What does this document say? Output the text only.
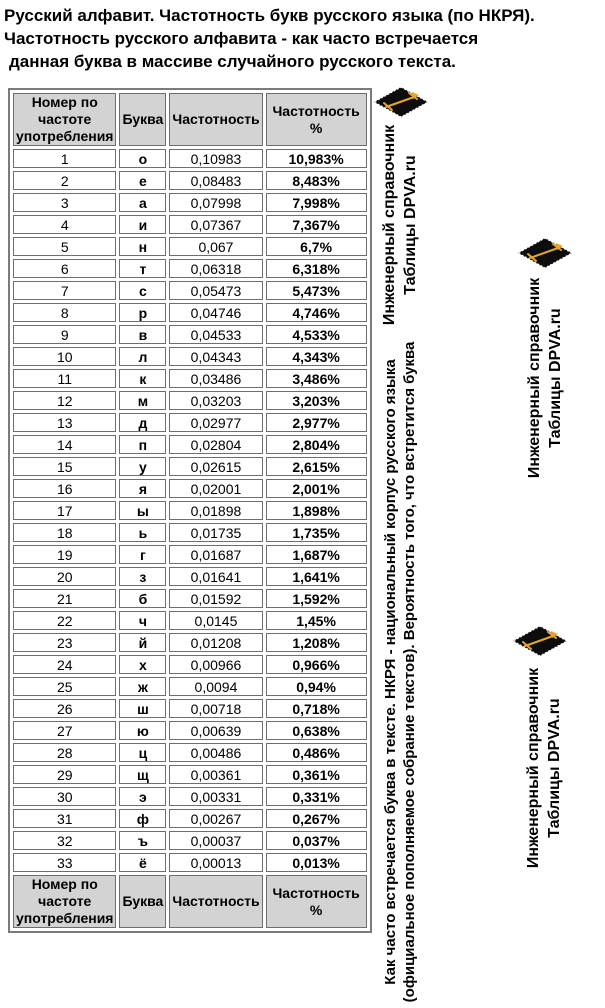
Русский алфавит. Частотность букв русского языка (по НКРЯ).
Частотность русского алфавита - как часто встречается
данная буква в массиве случайного русского текста.
Номер по частоте употребления	Буква	Частотность	Частотность %
1	о	0,10983	10,983%
2	е	0,08483	8,483%
3	а	0,07998	7,998%
4	и	0,07367	7,367%
5	н	0,067	6,7%
6	т	0,06318	6,318%
7	с	0,05473	5,473%
8	р	0,04746	4,746%
9	в	0,04533	4,533%
10	л	0,04343	4,343%
11	к	0,03486	3,486%
12	м	0,03203	3,203%
13	д	0,02977	2,977%
14	п	0,02804	2,804%
15	у	0,02615	2,615%
16	я	0,02001	2,001%
17	ы	0,01898	1,898%
18	ь	0,01735	1,735%
19	г	0,01687	1,687%
20	з	0,01641	1,641%
21	б	0,01592	1,592%
22	ч	0,0145	1,45%
23	й	0,01208	1,208%
24	х	0,00966	0,966%
25	ж	0,0094	0,94%
26	ш	0,00718	0,718%
27	ю	0,00639	0,638%
28	ц	0,00486	0,486%
29	щ	0,00361	0,361%
30	э	0,00331	0,331%
31	ф	0,00267	0,267%
32	ъ	0,00037	0,037%
33	ё	0,00013	0,013%
Номер по частоте употребления	Буква	Частотность	Частотность %
Инженерный справочник Таблицы DPVA.ru
Инженерный справочник Таблицы DPVA.ru
Инженерный справочник Таблицы DPVA.ru
Как часто встречается буква в тексте. НКРЯ - национальный корпус русского языка (официальное пополняемое собрание текстов). Вероятность того, что встретится буква
